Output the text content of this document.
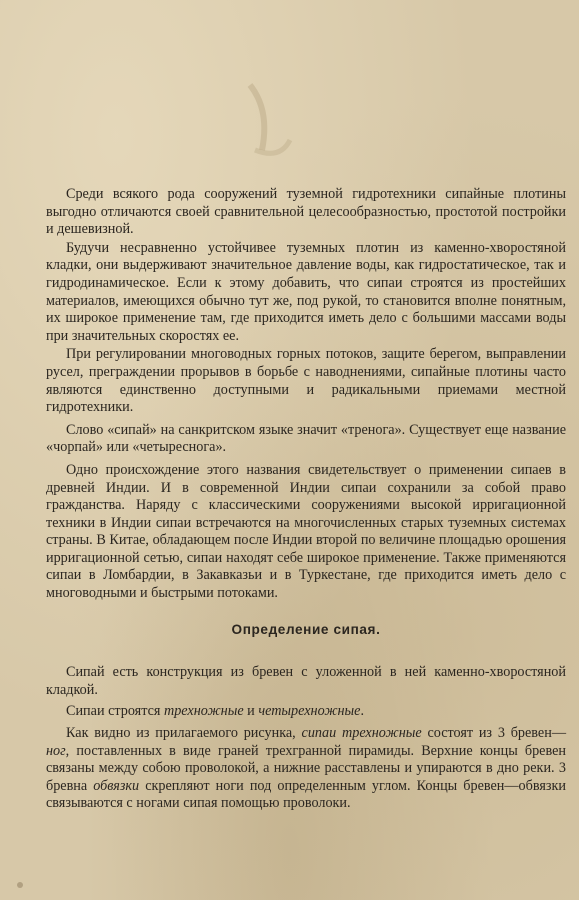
Среди всякого рода сооружений туземной гидротехники сипайные плотины выгодно отличаются своей сравнительной целесообразностью, простотой постройки и дешевизной.

Будучи несравненно устойчивее туземных плотин из каменно-хворостяной кладки, они выдерживают значительное давление воды, как гидростатическое, так и гидродинамическое. Если к этому добавить, что сипаи строятся из простейших материалов, имеющихся обычно тут же, под рукой, то становится вполне понятным, их широкое применение там, где приходится иметь дело с большими массами воды при значительных скоростях ее.

При регулировании многоводных горных потоков, защите берегом, выправлении русел, преграждении прорывов в борьбе с наводнениями, сипайные плотины часто являются единственно доступными и радикальными приемами местной гидротехники.

Слово «сипай» на санкритском языке значит «тренога». Существует еще название «чорпай» или «четыреснога».

Одно происхождение этого названия свидетельствует о применении сипаев в древней Индии. И в современной Индии сипаи сохранили за собой право гражданства. Наряду с классическими сооружениями высокой ирригационной техники в Индии сипаи встречаются на многочисленных старых туземных системах страны. В Китае, обладающем после Индии второй по величине площадью орошения ирригационной сетью, сипаи находят себе широкое применение. Также применяются сипаи в Ломбардии, в Закавказьи и в Туркестане, где приходится иметь дело с многоводными и быстрыми потоками.

Определение сипая.

Сипай есть конструкция из бревен с уложенной в ней каменно-хворостяной кладкой.

Сипаи строятся трехножные и четырехножные.

Как видно из прилагаемого рисунка, сипаи трехножные состоят из 3 бревен—ног, поставленных в виде граней трехгранной пирамиды. Верхние концы бревен связаны между собою проволокой, а нижние расставлены и упираются в дно реки. 3 бревна обвязки скрепляют ноги под определенным углом. Концы бревен—обвязки связываются с ногами сипая помощью проволоки.
